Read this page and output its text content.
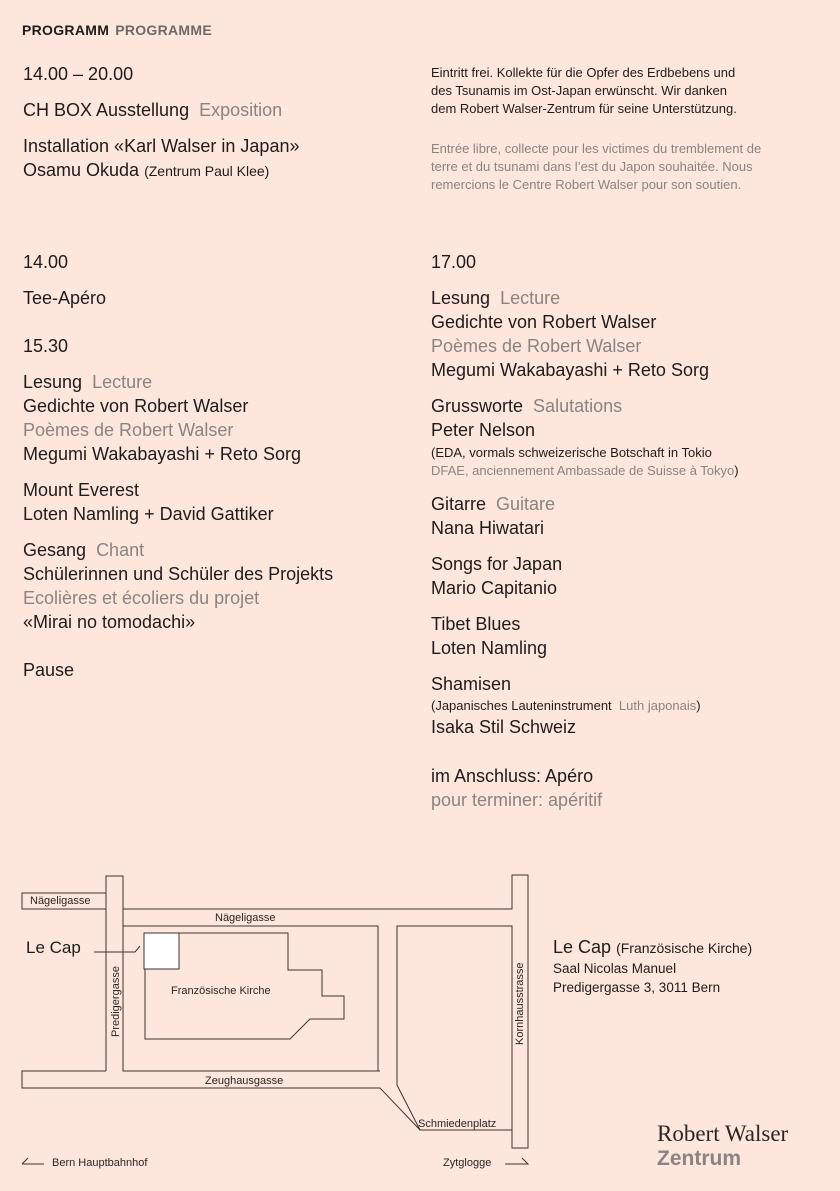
PROGRAMM PROGRAMME
14.00 – 20.00
CH BOX Ausstellung Exposition
Installation «Karl Walser in Japan»
Osamu Okuda (Zentrum Paul Klee)
Eintritt frei. Kollekte für die Opfer des Erdbebens und
des Tsunamis im Ost-Japan erwünscht. Wir danken
dem Robert Walser-Zentrum für seine Unterstützung.
Entrée libre, collecte pour les victimes du tremblement de
terre et du tsunami dans l’est du Japon souhaitée. Nous
remercions le Centre Robert Walser pour son soutien.
14.00
Tee-Apéro
15.30
Lesung Lecture
Gedichte von Robert Walser
Poèmes de Robert Walser
Megumi Wakabayashi + Reto Sorg
Mount Everest
Loten Namling + David Gattiker
Gesang Chant
Schülerinnen und Schüler des Projekts
Ecolières et écoliers du projet
«Mirai no tomodachi»
Pause
17.00
Lesung Lecture
Gedichte von Robert Walser
Poèmes de Robert Walser
Megumi Wakabayashi + Reto Sorg
Grussworte Salutations
Peter Nelson
(EDA, vormals schweizerische Botschaft in Tokio
DFAE, anciennement Ambassade de Suisse à Tokyo)
Gitarre Guitare
Nana Hiwatari
Songs for Japan
Mario Capitanio
Tibet Blues
Loten Namling
Shamisen
(Japanisches Lauteninstrument Luth japonais)
Isaka Stil Schweiz
im Anschluss: Apéro
pour terminer: apéritif
Nägeligasse
Nägeligasse
Le Cap
Predigergasse	Französische Kirche	Kornhausstrasse
Zeughausgasse
Schmiedenplatz
Bern Hauptbahnhof	Zytglogge
Le Cap (Französische Kirche)
Saal Nicolas Manuel
Predigergasse 3, 3011 Bern
Robert Walser
Zentrum
